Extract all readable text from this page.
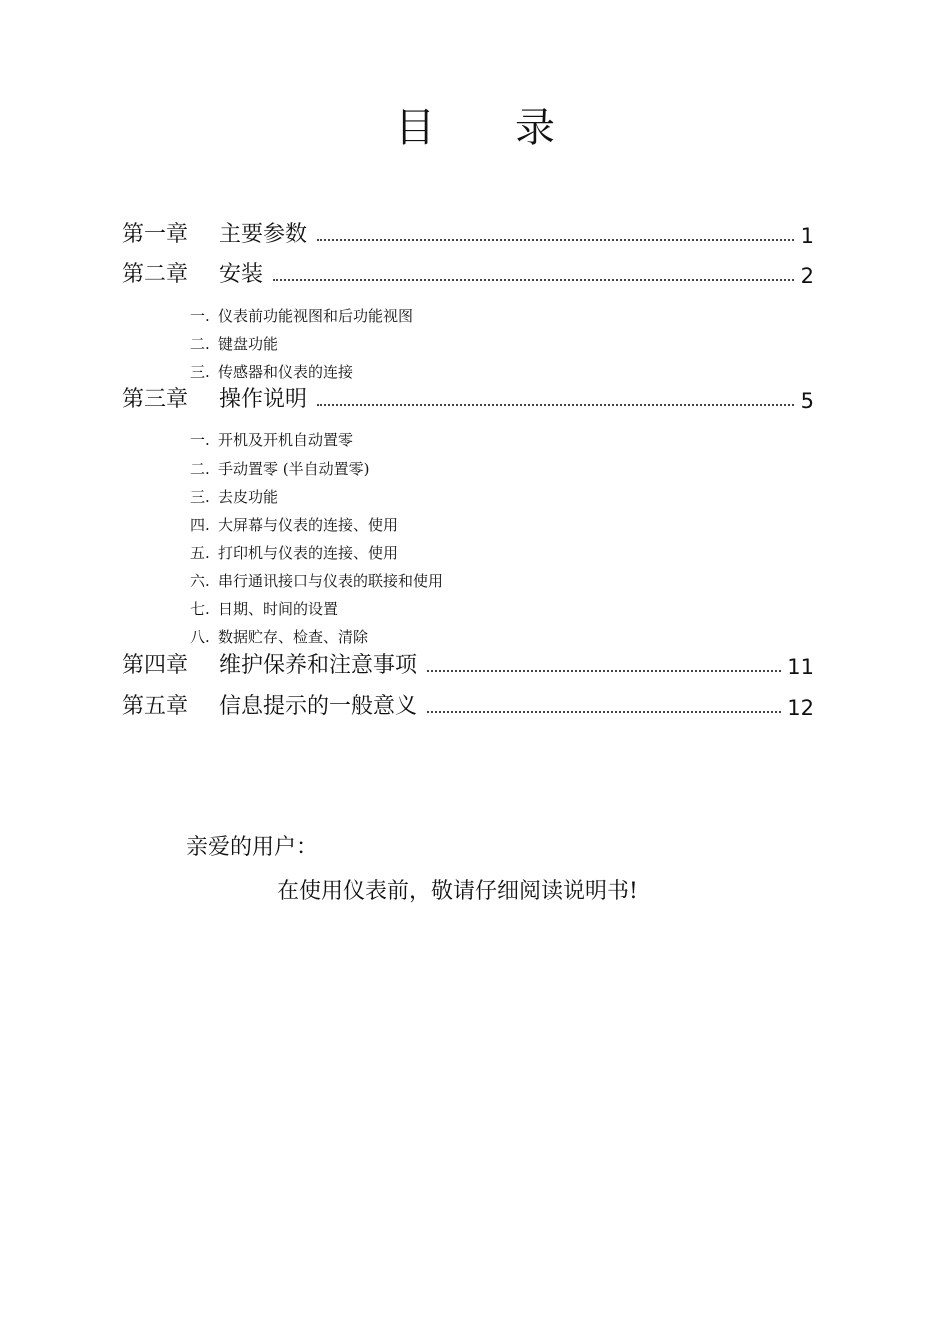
目 录
第一章	主要参数	1
第二章	安装	2
一. 仪表前功能视图和后功能视图
二. 键盘功能
三. 传感器和仪表的连接
第三章	操作说明	5
一. 开机及开机自动置零
二. 手动置零 (半自动置零)
三. 去皮功能
四. 大屏幕与仪表的连接、使用
五. 打印机与仪表的连接、使用
六. 串行通讯接口与仪表的联接和使用
七. 日期、时间的设置
八. 数据贮存、检查、清除
第四章	维护保养和注意事项	11
第五章	信息提示的一般意义	12
亲爱的用户：
在使用仪表前，敬请仔细阅读说明书!
